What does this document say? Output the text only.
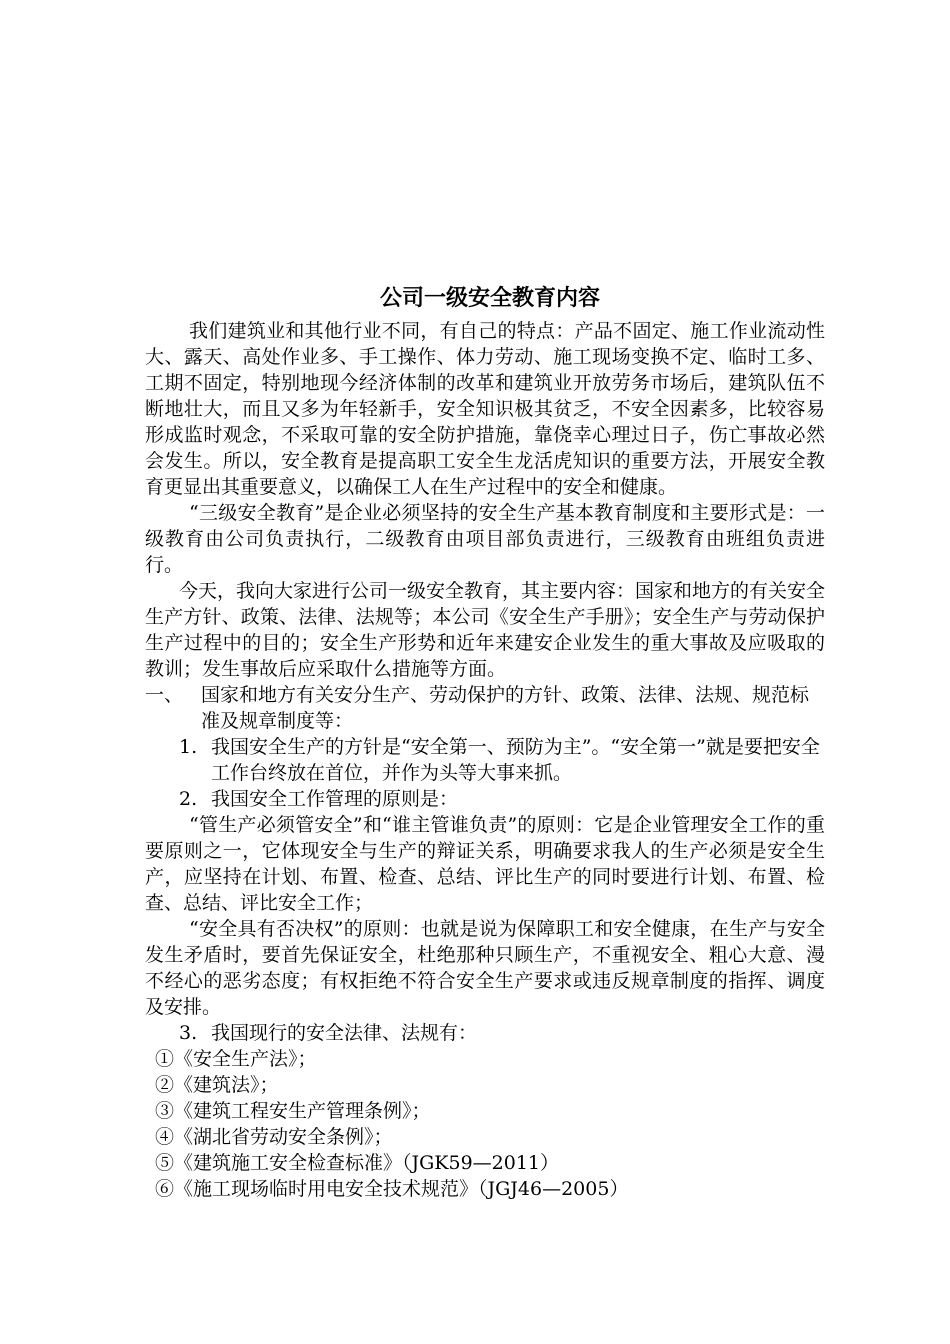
公司一级安全教育内容

我们建筑业和其他行业不同，有自己的特点：产品不固定、施工作业流动性大、露天、高处作业多、手工操作、体力劳动、施工现场变换不定、临时工多、工期不固定，特别地现今经济体制的改革和建筑业开放劳务市场后，建筑队伍不断地壮大，而且又多为年轻新手，安全知识极其贫乏，不安全因素多，比较容易形成监时观念，不采取可靠的安全防护措施，靠侥幸心理过日子，伤亡事故必然会发生。所以，安全教育是提高职工安全生龙活虎知识的重要方法，开展安全教育更显出其重要意义，以确保工人在生产过程中的安全和健康。

“三级安全教育”是企业必须坚持的安全生产基本教育制度和主要形式是：一级教育由公司负责执行，二级教育由项目部负责进行，三级教育由班组负责进行。

今天，我向大家进行公司一级安全教育，其主要内容：国家和地方的有关安全生产方针、政策、法律、法规等；本公司《安全生产手册》；安全生产与劳动保护生产过程中的目的；安全生产形势和近年来建安企业发生的重大事故及应吸取的教训；发生事故后应采取什么措施等方面。

一、 国家和地方有关安分生产、劳动保护的方针、政策、法律、法规、规范标准及规章制度等：
1. 我国安全生产的方针是“安全第一、预防为主”。“安全第一”就是要把安全工作台终放在首位，并作为头等大事来抓。
2. 我国安全工作管理的原则是：

“管生产必须管安全”和“谁主管谁负责”的原则：它是企业管理安全工作的重要原则之一，它体现安全与生产的辩证关系，明确要求我人的生产必须是安全生产，应坚持在计划、布置、检查、总结、评比生产的同时要进行计划、布置、检查、总结、评比安全工作；

“安全具有否决权”的原则：也就是说为保障职工和安全健康，在生产与安全发生矛盾时，要首先保证安全，杜绝那种只顾生产，不重视安全、粗心大意、漫不经心的恶劣态度；有权拒绝不符合安全生产要求或违反规章制度的指挥、调度及安排。

3. 我国现行的安全法律、法规有：
①《安全生产法》；
②《建筑法》；
③《建筑工程安生产管理条例》；
④《湖北省劳动安全条例》；
⑤《建筑施工安全检查标准》（JGK59—2011）
⑥《施工现场临时用电安全技术规范》（JGJ46—2005）
